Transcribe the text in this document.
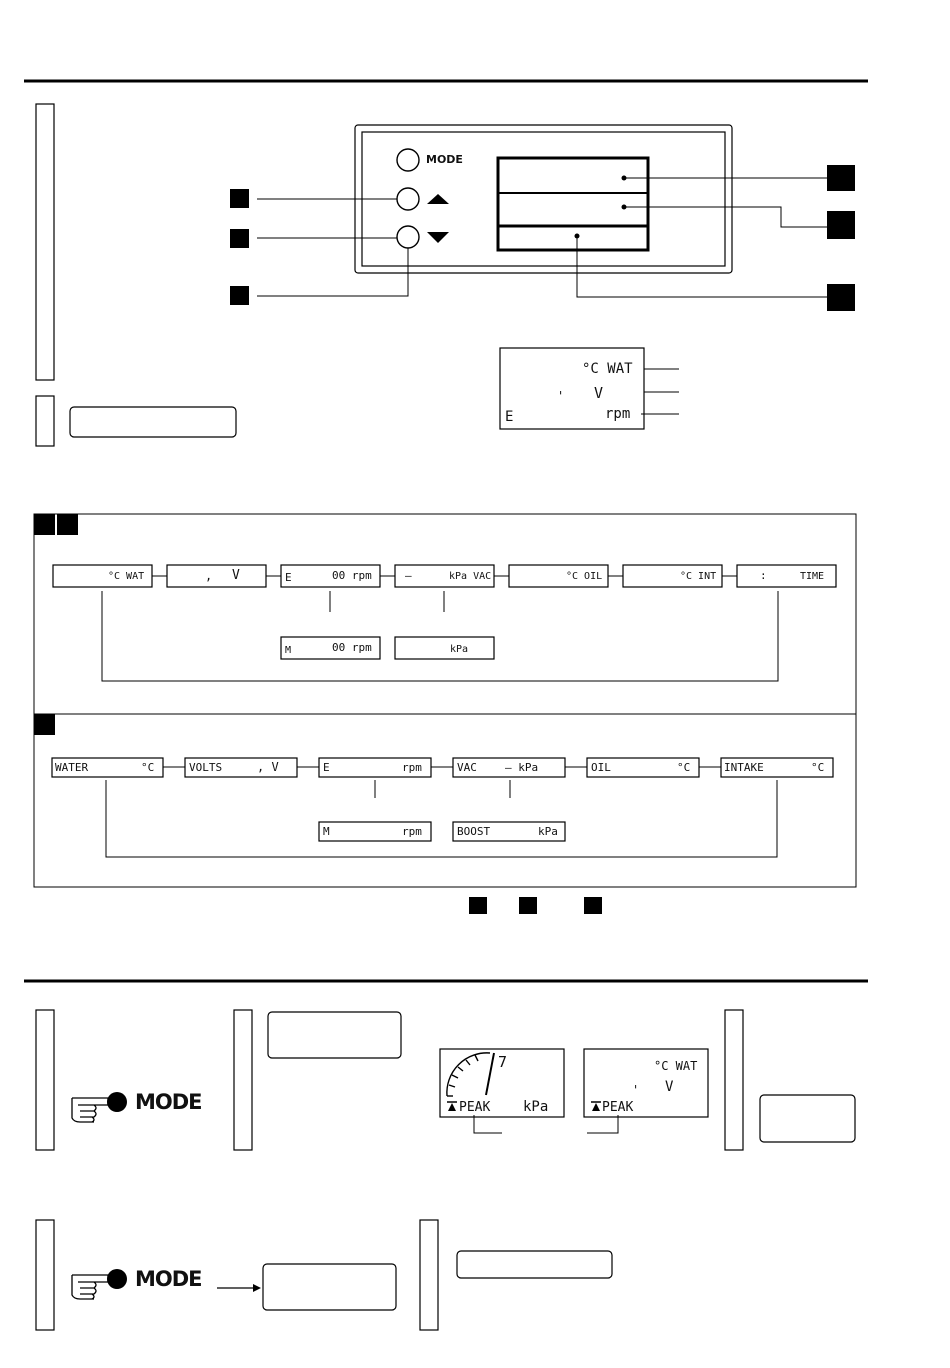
MODE
°C WAT
' V
E	rpm
°C WAT	, V	E	00 rpm	–	kPa VAC	°C OIL	°C INT	:	TIME
M	00 rpm	kPa
WATER	°C	VOLTS	, V	E	rpm	VAC	– kPa	OIL	°C	INTAKE	°C
M	rpm	BOOST	kPa
MODE
7
PEAK kPa
°C WAT
' V
PEAK
MODE
